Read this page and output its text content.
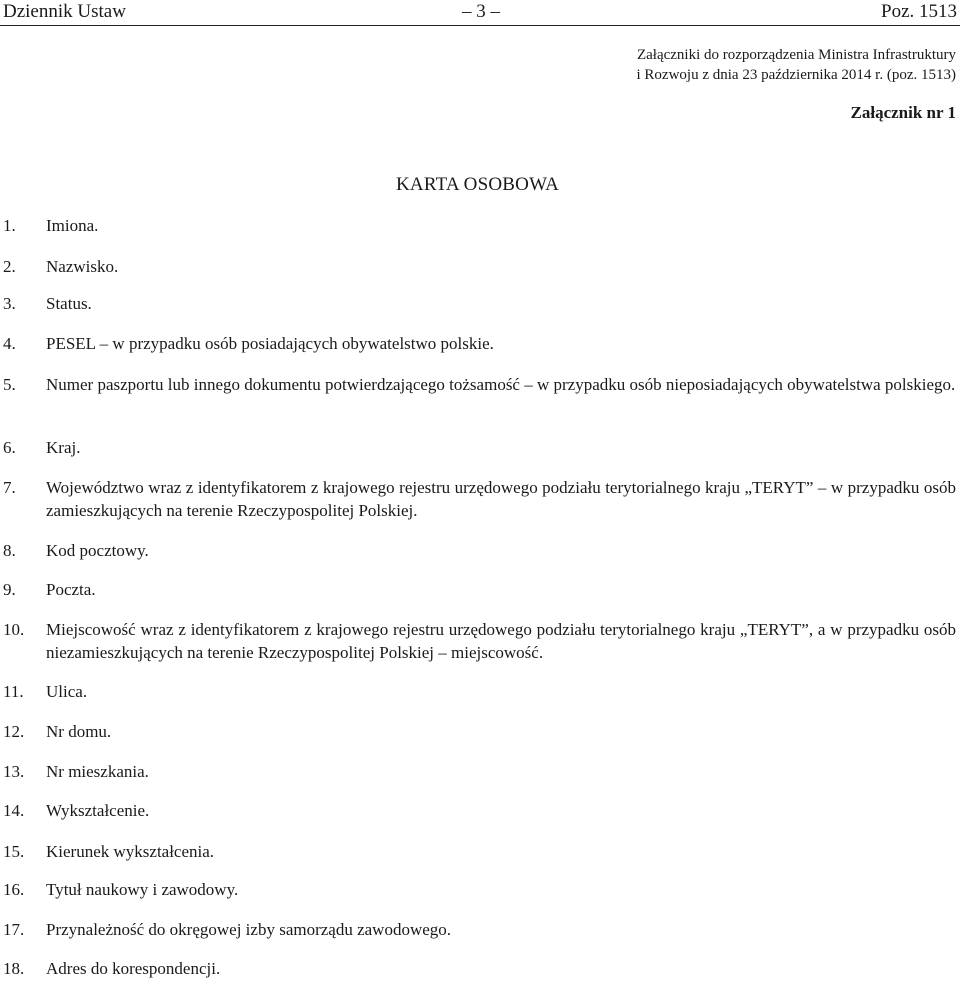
Dziennik Ustaw	– 3 –	Poz. 1513
Załączniki do rozporządzenia Ministra Infrastruktury
i Rozwoju z dnia 23 października 2014 r. (poz. 1513)
Załącznik nr 1
KARTA OSOBOWA
1. Imiona.
2. Nazwisko.
3. Status.
4. PESEL – w przypadku osób posiadających obywatelstwo polskie.
5. Numer paszportu lub innego dokumentu potwierdzającego tożsamość – w przypadku osób nieposiadających obywatelstwa polskiego.
6. Kraj.
7. Województwo wraz z identyfikatorem z krajowego rejestru urzędowego podziału terytorialnego kraju „TERYT” – w przypadku osób zamieszkujących na terenie Rzeczypospolitej Polskiej.
8. Kod pocztowy.
9. Poczta.
10. Miejscowość wraz z identyfikatorem z krajowego rejestru urzędowego podziału terytorialnego kraju „TERYT”, a w przypadku osób niezamieszkujących na terenie Rzeczypospolitej Polskiej – miejscowość.
11. Ulica.
12. Nr domu.
13. Nr mieszkania.
14. Wykształcenie.
15. Kierunek wykształcenia.
16. Tytuł naukowy i zawodowy.
17. Przynależność do okręgowej izby samorządu zawodowego.
18. Adres do korespondencji.
